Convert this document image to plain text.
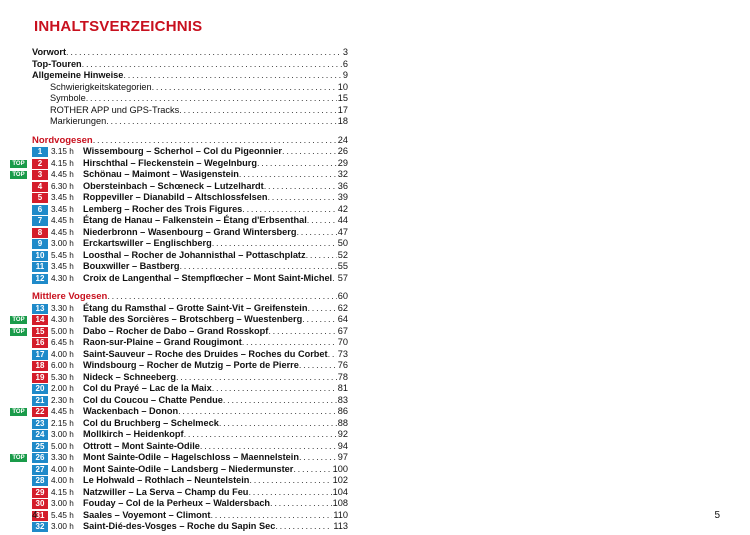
INHALTSVERZEICHNIS
Vorwort . . .	3
Top-Touren . . .	6
Allgemeine Hinweise . . .	9
Schwierigkeitskategorien . . .	10
Symbole . . .	15
ROTHER APP und GPS-Tracks . . .	17
Markierungen . . .	18
Nordvogesen . . .	24
1	3.15 h	Wissembourg – Scherhol – Col du Pigeonnier . . .	26
TOP	2	4.15 h	Hirschthal – Fleckenstein – Wegelnburg . . .	29
TOP	3	4.45 h	Schönau – Maimont – Wasigenstein . . .	32
4	6.30 h	Obersteinbach – Schœneck – Lutzelhardt . . .	36
5	3.45 h	Roppeviller – Dianabild – Altschlossfelsen . . .	39
6	3.45 h	Lemberg – Rocher des Trois Figures . . .	42
7	4.45 h	Étang de Hanau – Falkenstein – Étang d'Erbsenthal . . .	44
8	4.45 h	Niederbronn – Wasenbourg – Grand Wintersberg . . .	47
9	3.00 h	Erckartswiller – Englischberg . . .	50
10 5.45 h	Loosthal – Rocher de Johannisthal – Pottaschplatz . . .	52
11 3.45 h	Bouxwiller – Bastberg . . .	55
12 4.30 h	Croix de Langenthal – Stempflœcher – Mont Saint-Michel . . . 57
Mittlere Vogesen . . .	60
13 3.30 h	Étang du Ramsthal – Grotte Saint-Vit – Greifenstein . . .	62
TOP	14 4.30 h	Table des Sorcières – Brotschberg – Wuestenberg . . .	64
TOP	15 5.00 h	Dabo – Rocher de Dabo – Grand Rosskopf . . .	67
16 6.45 h	Raon-sur-Plaine – Grand Rougimont . . .	70
17 4.00 h	Saint-Sauveur – Roche des Druides – Roches du Corbet . . . 73
18 6.00 h	Windsbourg – Rocher de Mutzig – Porte de Pierre . . .	76
19 5.30 h	Nideck – Schneeberg . . .	78
20 2.00 h	Col du Prayé – Lac de la Maix . . .	81
21 2.30 h	Col du Coucou – Chatte Pendue . . .	83
TOP	22 4.45 h	Wackenbach – Donon . . .	86
23 2.15 h	Col du Bruchberg – Schelmeck . . .	88
24 3.00 h	Mollkirch – Heidenkopf . . .	92
25 5.00 h	Ottrott – Mont Sainte-Odile . . .	94
TOP	26 3.30 h	Mont Sainte-Odile – Hagelschloss – Maennelstein . . .	97
27 4.00 h	Mont Sainte-Odile – Landsberg – Niedermunster . . .	100
28 4.00 h	Le Hohwald – Rothlach – Neuntelstein . . .	102
29 4.15 h	Natzwiller – La Serva – Champ du Feu . . .	104
30 3.00 h	Fouday – Col de la Perheux – Waldersbach . . .	108
31 5.45 h	Saales – Voyemont – Climont . . .	110
32 3.00 h	Saint-Dié-des-Vosges – Roche du Sapin Sec . . .	113
4	5
